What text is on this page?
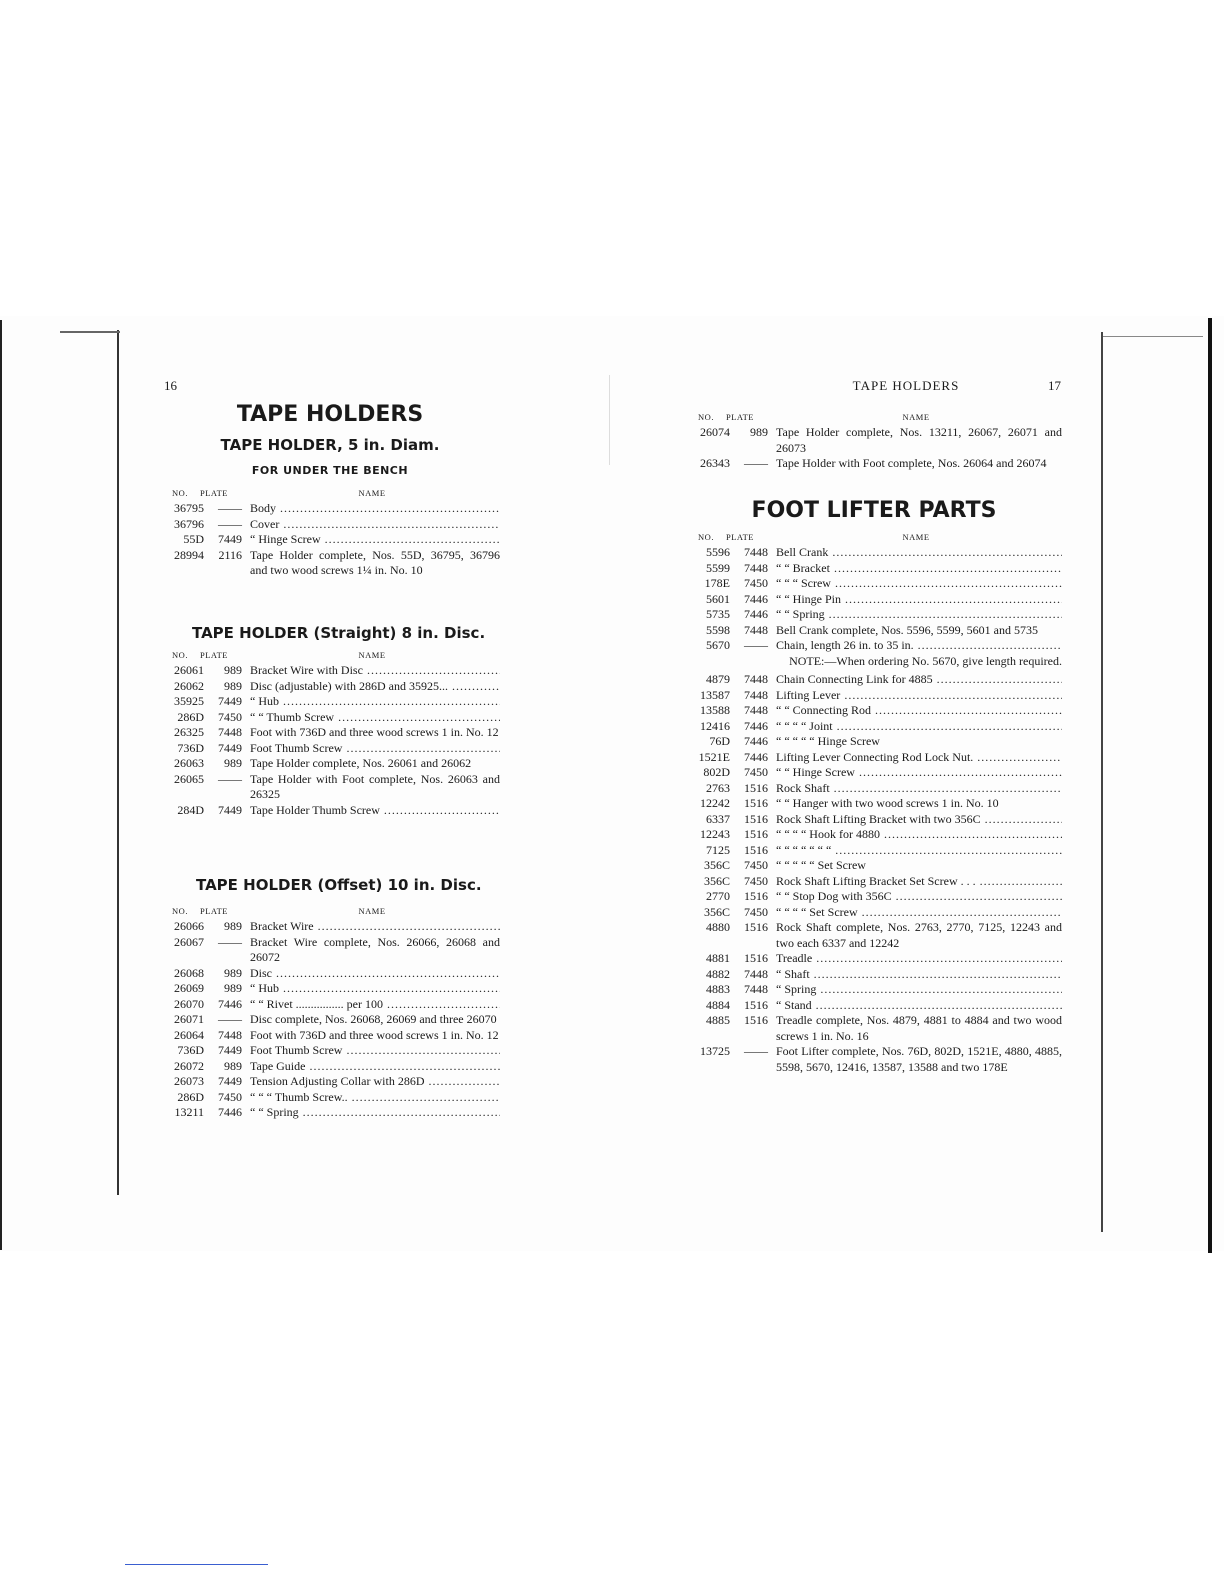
16
TAPE HOLDERS
TAPE HOLDER, 5 in. Diam.
FOR UNDER THE BENCH
NO.	PLATE	NAME
36795	—— Body .....
36796	—— Cover .....
55D	7449 “ Hinge Screw .....
28994	2116 Tape Holder complete, Nos. 55D, 36795, 36796 and two wood screws 1¼ in. No. 10
TAPE HOLDER (Straight) 8 in. Disc.
NO.	PLATE	NAME
26061	989 Bracket Wire with Disc .....
26062	989 Disc (adjustable) with 286D and 35925... .....
35925	7449 “ Hub .....
286D	7450 “ “ Thumb Screw .....
26325	7448 Foot with 736D and three wood screws 1 in. No. 12
736D	7449 Foot Thumb Screw .....
26063	989 Tape Holder complete, Nos. 26061 and 26062
26065	—— Tape Holder with Foot complete, Nos. 26063 and 26325
284D	7449 Tape Holder Thumb Screw .....
TAPE HOLDER (Offset) 10 in. Disc.
NO.	PLATE	NAME
26066	989 Bracket Wire .....
26067	—— Bracket Wire complete, Nos. 26066, 26068 and 26072
26068	989 Disc .....
26069	989 “ Hub .....
26070	7446 “ “ Rivet ................ per 100 .....
26071	—— Disc complete, Nos. 26068, 26069 and three 26070
26064	7448 Foot with 736D and three wood screws 1 in. No. 12
736D	7449 Foot Thumb Screw .....
26072	989 Tape Guide .....
26073	7449 Tension Adjusting Collar with 286D .....
286D	7450 “ “ “ Thumb Screw.. .....
13211	7446 “ “ Spring .....
TAPE HOLDERS	17
NO.	PLATE	NAME
26074	989 Tape Holder complete, Nos. 13211, 26067, 26071 and 26073
26343	—— Tape Holder with Foot complete, Nos. 26064 and 26074
FOOT LIFTER PARTS
NO.	PLATE	NAME
5596	7448 Bell Crank .....
5599	7448 “ “ Bracket .....
178E	7450 “ “ “ Screw .....
5601	7446 “ “ Hinge Pin .....
5735	7446 “ “ Spring .....
5598	7448 Bell Crank complete, Nos. 5596, 5599, 5601 and 5735
5670	—— Chain, length 26 in. to 35 in. .....
NOTE:—When ordering No. 5670, give length required.
4879	7448 Chain Connecting Link for 4885 .....
13587	7448 Lifting Lever .....
13588	7448 “ “ Connecting Rod .....
12416	7446 “ “ “ “ Joint .....
76D	7446 “ “ “ “ “ Hinge Screw
1521E	7446 Lifting Lever Connecting Rod Lock Nut. .....
802D	7450 “ “ Hinge Screw .....
2763	1516 Rock Shaft .....
12242	1516 “ “ Hanger with two wood screws 1 in. No. 10
6337	1516 Rock Shaft Lifting Bracket with two 356C .....
12243	1516 “ “ “ “ Hook for 4880 .....
7125	1516 “ “ “ “ “ “ “ .....
356C	7450 “ “ “ “ “ Set Screw
356C	7450 Rock Shaft Lifting Bracket Set Screw . . . .....
2770	1516 “ “ Stop Dog with 356C .....
356C	7450 “ “ “ “ Set Screw .....
4880	1516 Rock Shaft complete, Nos. 2763, 2770, 7125, 12243 and two each 6337 and 12242
4881	1516 Treadle .....
4882	7448 “ Shaft .....
4883	7448 “ Spring .....
4884	1516 “ Stand .....
4885	1516 Treadle complete, Nos. 4879, 4881 to 4884 and two wood screws 1 in. No. 16
13725	—— Foot Lifter complete, Nos. 76D, 802D, 1521E, 4880, 4885, 5598, 5670, 12416, 13587, 13588 and two 178E
